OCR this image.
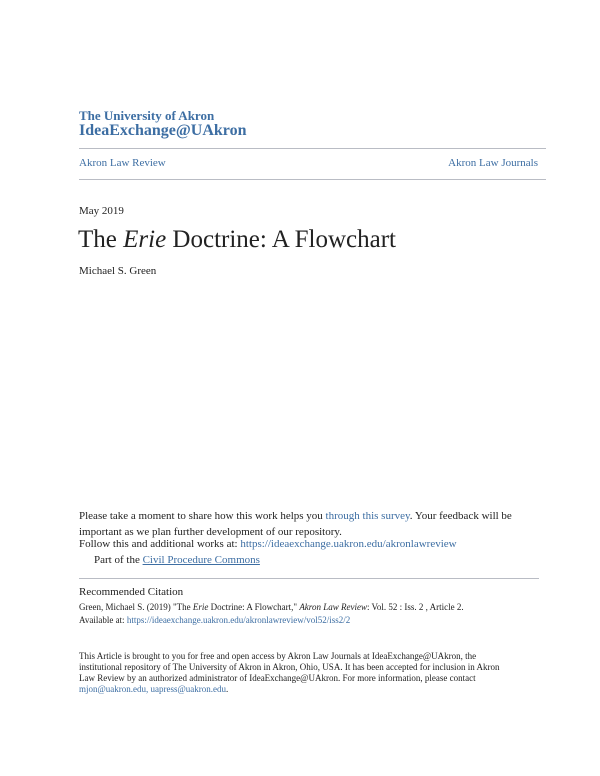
The University of Akron
IdeaExchange@UAkron
Akron Law Review	Akron Law Journals
May 2019
The Erie Doctrine: A Flowchart
Michael S. Green
Please take a moment to share how this work helps you through this survey. Your feedback will be important as we plan further development of our repository.
Follow this and additional works at: https://ideaexchange.uakron.edu/akronlawreview
Part of the Civil Procedure Commons
Recommended Citation
Green, Michael S. (2019) "The Erie Doctrine: A Flowchart," Akron Law Review: Vol. 52 : Iss. 2 , Article 2.
Available at: https://ideaexchange.uakron.edu/akronlawreview/vol52/iss2/2
This Article is brought to you for free and open access by Akron Law Journals at IdeaExchange@UAkron, the institutional repository of The University of Akron in Akron, Ohio, USA. It has been accepted for inclusion in Akron Law Review by an authorized administrator of IdeaExchange@UAkron. For more information, please contact mjon@uakron.edu, uapress@uakron.edu.
